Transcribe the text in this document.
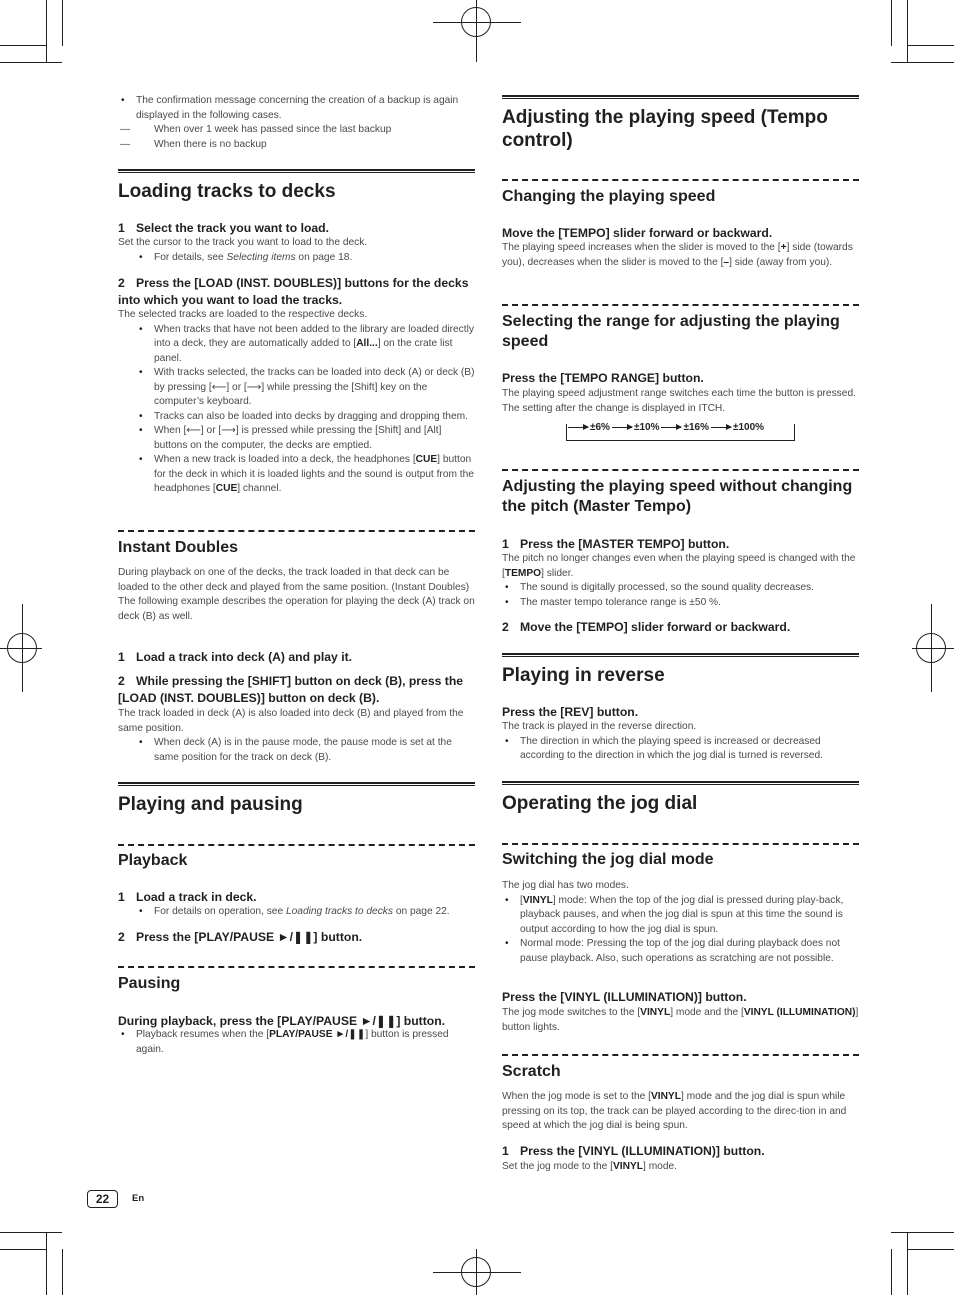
• The confirmation message concerning the creation of a backup is again displayed in the following cases.
— When over 1 week has passed since the last backup
— When there is no backup
Loading tracks to decks
1 Select the track you want to load.
Set the cursor to the track you want to load to the deck.
• For details, see Selecting items on page 18.
2 Press the [LOAD (INST. DOUBLES)] buttons for the decks into which you want to load the tracks.
The selected tracks are loaded to the respective decks.
• When tracks that have not been added to the library are loaded directly into a deck, they are automatically added to [All...] on the crate list panel.
• With tracks selected, the tracks can be loaded into deck (A) or deck (B) by pressing [⟵] or [⟶] while pressing the [Shift] key on the computer’s keyboard.
• Tracks can also be loaded into decks by dragging and dropping them.
• When [⟵] or [⟶] is pressed while pressing the [Shift] and [Alt] buttons on the computer, the decks are emptied.
• When a new track is loaded into a deck, the headphones [CUE] button for the deck in which it is loaded lights and the sound is output from the headphones [CUE] channel.
Instant Doubles
During playback on one of the decks, the track loaded in that deck can be loaded to the other deck and played from the same position. (Instant Doubles)
The following example describes the operation for playing the deck (A) track on deck (B) as well.
1 Load a track into deck (A) and play it.
2 While pressing the [SHIFT] button on deck (B), press the [LOAD (INST. DOUBLES)] button on deck (B).
The track loaded in deck (A) is also loaded into deck (B) and played from the same position.
• When deck (A) is in the pause mode, the pause mode is set at the same position for the track on deck (B).
Playing and pausing
Playback
1 Load a track in deck.
• For details on operation, see Loading tracks to decks on page 22.
2 Press the [PLAY/PAUSE ►/❚❚] button.
Pausing
During playback, press the [PLAY/PAUSE ►/❚❚] button.
• Playback resumes when the [PLAY/PAUSE ►/❚❚] button is pressed again.
Adjusting the playing speed (Tempo control)
Changing the playing speed
Move the [TEMPO] slider forward or backward.
The playing speed increases when the slider is moved to the [+] side (towards you), decreases when the slider is moved to the [–] side (away from you).
Selecting the range for adjusting the playing speed
Press the [TEMPO RANGE] button.
The playing speed adjustment range switches each time the button is pressed. The setting after the change is displayed in ITCH.
±6% ±10% ±16% ±100%
Adjusting the playing speed without changing the pitch (Master Tempo)
1 Press the [MASTER TEMPO] button.
The pitch no longer changes even when the playing speed is changed with the [TEMPO] slider.
• The sound is digitally processed, so the sound quality decreases.
• The master tempo tolerance range is ±50 %.
2 Move the [TEMPO] slider forward or backward.
Playing in reverse
Press the [REV] button.
The track is played in the reverse direction.
• The direction in which the playing speed is increased or decreased according to the direction in which the jog dial is turned is reversed.
Operating the jog dial
Switching the jog dial mode
The jog dial has two modes.
• [VINYL] mode: When the top of the jog dial is pressed during play-back, playback pauses, and when the jog dial is spun at this time the sound is output according to how the jog dial is spun.
• Normal mode: Pressing the top of the jog dial during playback does not pause playback. Also, such operations as scratching are not possible.
Press the [VINYL (ILLUMINATION)] button.
The jog mode switches to the [VINYL] mode and the [VINYL (ILLUMINATION)] button lights.
Scratch
When the jog mode is set to the [VINYL] mode and the jog dial is spun while pressing on its top, the track can be played according to the direc-tion in and speed at which the jog dial is being spun.
1 Press the [VINYL (ILLUMINATION)] button.
Set the jog mode to the [VINYL] mode.
22	En
